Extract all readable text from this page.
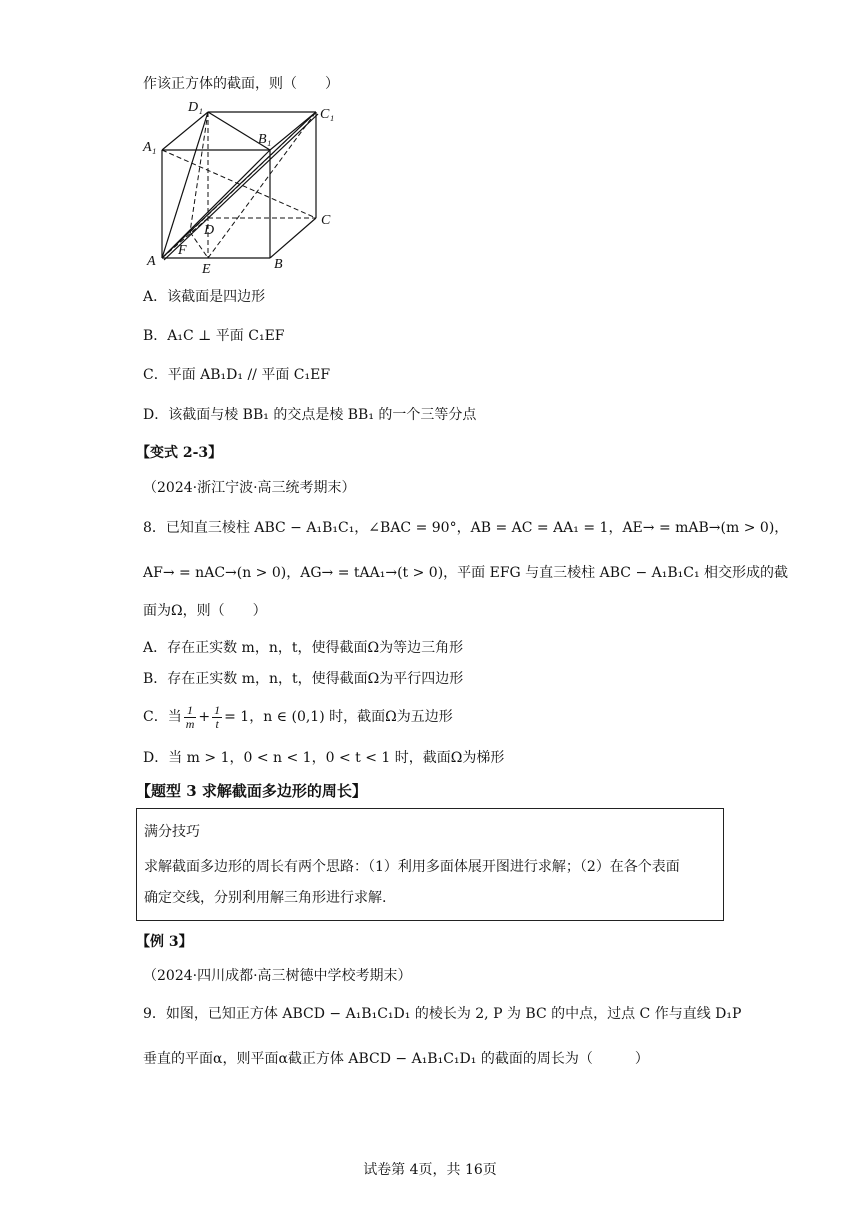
作该正方体的截面，则（　　）
D₁	C₁
B₁
A₁
C
D
F
A
E	B
A．该截面是四边形
B．A₁C ⊥ 平面 C₁EF
C．平面 AB₁D₁ // 平面 C₁EF
D．该截面与棱 BB₁ 的交点是棱 BB₁ 的一个三等分点
【变式 2-3】
（2024·浙江宁波·高三统考期末）
8．已知直三棱柱 ABC − A₁B₁C₁，∠BAC = 90°，AB = AC = AA₁ = 1，AE→ = mAB→(m > 0)，
AF→ = nAC→(n > 0)，AG→ = tAA₁→(t > 0)，平面 EFG 与直三棱柱 ABC − A₁B₁C₁ 相交形成的截
面为Ω，则（　　）
A．存在正实数 m，n，t，使得截面Ω为等边三角形
B．存在正实数 m，n，t，使得截面Ω为平行四边形
C．当 $\frac{1}{m} + \frac{1}{t} = 1$，n ∈ (0,1) 时，截面Ω为五边形
D．当 m > 1，0 < n < 1，0 < t < 1 时，截面Ω为梯形
【题型 3 求解截面多边形的周长】
满分技巧
求解截面多边形的周长有两个思路：（1）利用多面体展开图进行求解；（2）在各个表面
确定交线，分别利用解三角形进行求解.
【例 3】
（2024·四川成都·高三树德中学校考期末）
9．如图，已知正方体 ABCD − A₁B₁C₁D₁ 的棱长为 2, P 为 BC 的中点，过点 C 作与直线 D₁P
垂直的平面α，则平面α截正方体 ABCD − A₁B₁C₁D₁ 的截面的周长为（　　　）
试卷第 4页，共 16页
